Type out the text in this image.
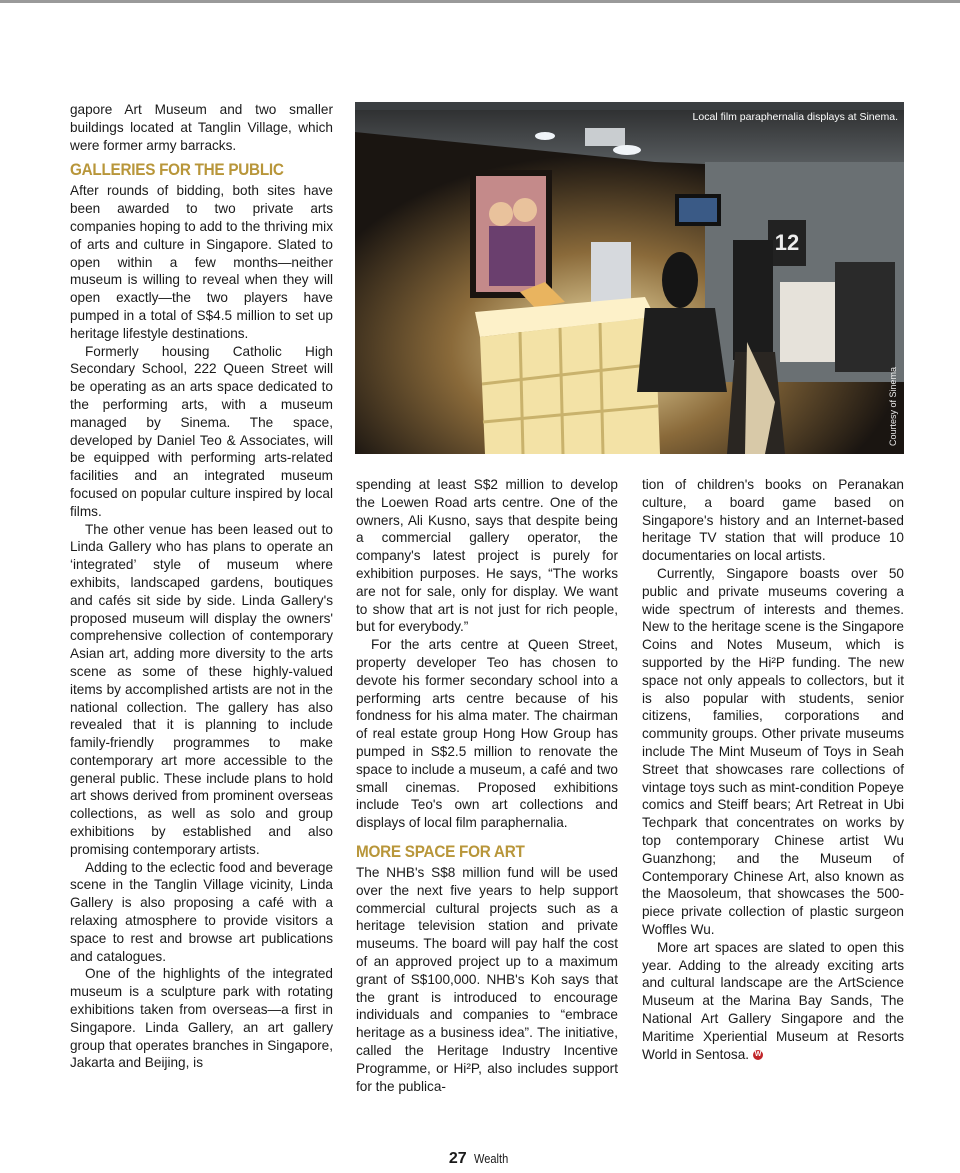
gapore Art Museum and two smaller buildings located at Tanglin Village, which were former army barracks.

GALLERIES FOR THE PUBLIC

After rounds of bidding, both sites have been awarded to two private arts companies hoping to add to the thriving mix of arts and culture in Singapore. Slated to open within a few months—neither museum is willing to reveal when they will open exactly—the two players have pumped in a total of S$4.5 million to set up heritage lifestyle destinations.

Formerly housing Catholic High Secondary School, 222 Queen Street will be operating as an arts space dedicated to the performing arts, with a museum managed by Sinema. The space, developed by Daniel Teo & Associates, will be equipped with performing arts-related facilities and an integrated museum focused on popular culture inspired by local films.

The other venue has been leased out to Linda Gallery who has plans to operate an ‘integrated’ style of museum where exhibits, landscaped gardens, boutiques and cafés sit side by side. Linda Gallery's proposed museum will display the owners' comprehensive collection of contemporary Asian art, adding more diversity to the arts scene as some of these highly-valued items by accomplished artists are not in the national collection. The gallery has also revealed that it is planning to include family-friendly programmes to make contemporary art more accessible to the general public. These include plans to hold art shows derived from prominent overseas collections, as well as solo and group exhibitions by established and also promising contemporary artists.

Adding to the eclectic food and beverage scene in the Tanglin Village vicinity, Linda Gallery is also proposing a café with a relaxing atmosphere to provide visitors a space to rest and browse art publications and catalogues.

One of the highlights of the integrated museum is a sculpture park with rotating exhibitions taken from overseas—a first in Singapore. Linda Gallery, an art gallery group that operates branches in Singapore, Jakarta and Beijing, is

12
Local film paraphernalia displays at Sinema.
Courtesy of Sinema

spending at least S$2 million to develop the Loewen Road arts centre. One of the owners, Ali Kusno, says that despite being a commercial gallery operator, the company's latest project is purely for exhibition purposes. He says, “The works are not for sale, only for display. We want to show that art is not just for rich people, but for everybody.”

For the arts centre at Queen Street, property developer Teo has chosen to devote his former secondary school into a performing arts centre because of his fondness for his alma mater. The chairman of real estate group Hong How Group has pumped in S$2.5 million to renovate the space to include a museum, a café and two small cinemas. Proposed exhibitions include Teo's own art collections and displays of local film paraphernalia.

MORE SPACE FOR ART

The NHB's S$8 million fund will be used over the next five years to help support commercial cultural projects such as a heritage television station and private museums. The board will pay half the cost of an approved project up to a maximum grant of S$100,000. NHB's Koh says that the grant is introduced to encourage individuals and companies to “embrace heritage as a business idea”. The initiative, called the Heritage Industry Incentive Programme, or Hi²P, also includes support for the publica-

tion of children's books on Peranakan culture, a board game based on Singapore's history and an Internet-based heritage TV station that will produce 10 documentaries on local artists.

Currently, Singapore boasts over 50 public and private museums covering a wide spectrum of interests and themes. New to the heritage scene is the Singapore Coins and Notes Museum, which is supported by the Hi²P funding. The new space not only appeals to collectors, but it is also popular with students, senior citizens, families, corporations and community groups. Other private museums include The Mint Museum of Toys in Seah Street that showcases rare collections of vintage toys such as mint-condition Popeye comics and Steiff bears; Art Retreat in Ubi Techpark that concentrates on works by top contemporary Chinese artist Wu Guanzhong; and the Museum of Contemporary Chinese Art, also known as the Maosoleum, that showcases the 500-piece private collection of plastic surgeon Woffles Wu.

More art spaces are slated to open this year. Adding to the already exciting arts and cultural landscape are the ArtScience Museum at the Marina Bay Sands, The National Art Gallery Singapore and the Maritime Xperiential Museum at Resorts World in Sentosa. W

27 Wealth
